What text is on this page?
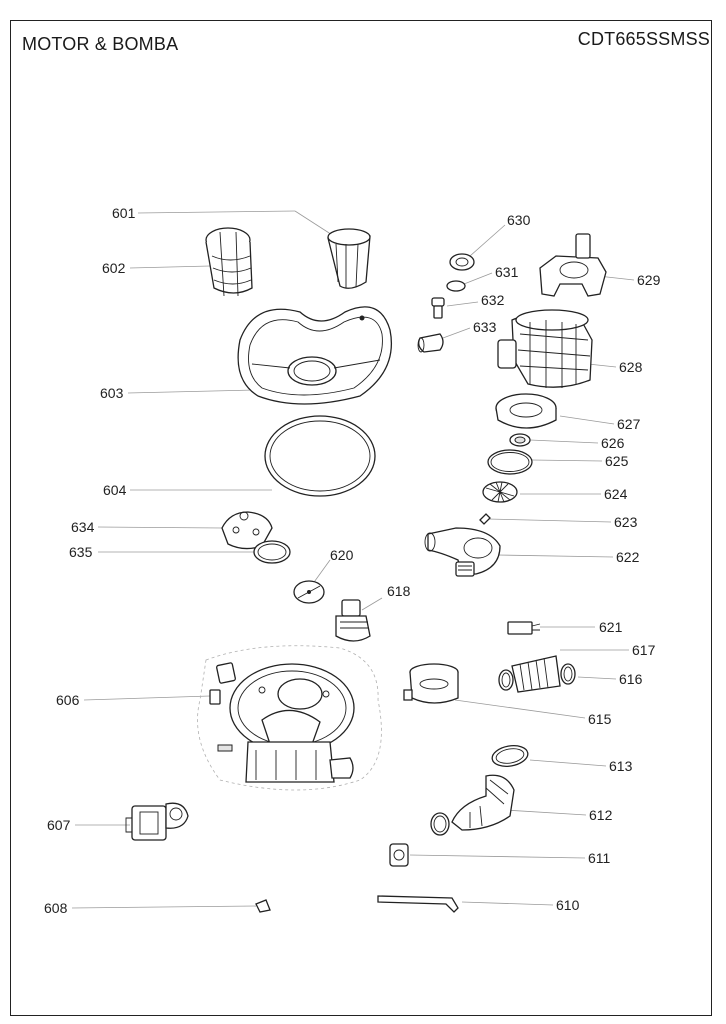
MOTOR & BOMBA	CDT665SSMSS
601
602
603
604
606
607
608	610
611
612
613
615
616
617
618
620
621
622
623
624
625
626
627
628
629
630
631
632
633
634
635
